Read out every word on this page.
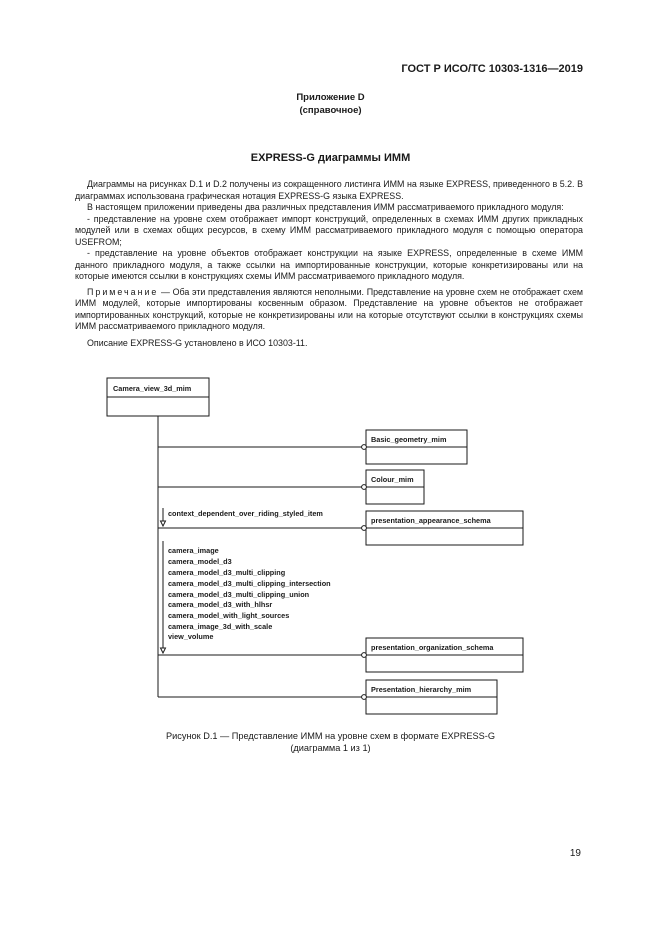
ГОСТ Р ИСО/ТС 10303-1316—2019
Приложение D
(справочное)
EXPRESS-G диаграммы ИММ

Диаграммы на рисунках D.1 и D.2 получены из сокращенного листинга ИММ на языке EXPRESS, приведенного в 5.2. В диаграммах использована графическая нотация EXPRESS-G языка EXPRESS.

В настоящем приложении приведены два различных представления ИММ рассматриваемого прикладного модуля:

- представление на уровне схем отображает импорт конструкций, определенных в схемах ИММ других прикладных модулей или в схемах общих ресурсов, в схему ИММ рассматриваемого прикладного модуля с помощью оператора USEFROM;

- представление на уровне объектов отображает конструкции на языке EXPRESS, определенные в схеме ИММ данного прикладного модуля, а также ссылки на импортированные конструкции, которые конкретизированы или на которые имеются ссылки в конструкциях схемы ИММ рассматриваемого прикладного модуля.

Примечание — Оба эти представления являются неполными. Представление на уровне схем не отображает схем ИММ модулей, которые импортированы косвенным образом. Представление на уровне объектов не отображает импортированных конструкций, которые не конкретизированы или на которые отсутствуют ссылки в конструкциях схемы ИММ рассматриваемого прикладного модуля.

Описание EXPRESS-G установлено в ИСО 10303-11.

Camera_view_3d_mim
Basic_geometry_mim
Colour_mim
presentation_appearance_schema
presentation_organization_schema
Presentation_hierarchy_mim
context_dependent_over_riding_styled_item
camera_image
camera_model_d3
camera_model_d3_multi_clipping
camera_model_d3_multi_clipping_intersection
camera_model_d3_multi_clipping_union
camera_model_d3_with_hlhsr
camera_model_with_light_sources
camera_image_3d_with_scale
view_volume
Рисунок D.1 — Представление ИММ на уровне схем в формате EXPRESS-G
(диаграмма 1 из 1)
19
